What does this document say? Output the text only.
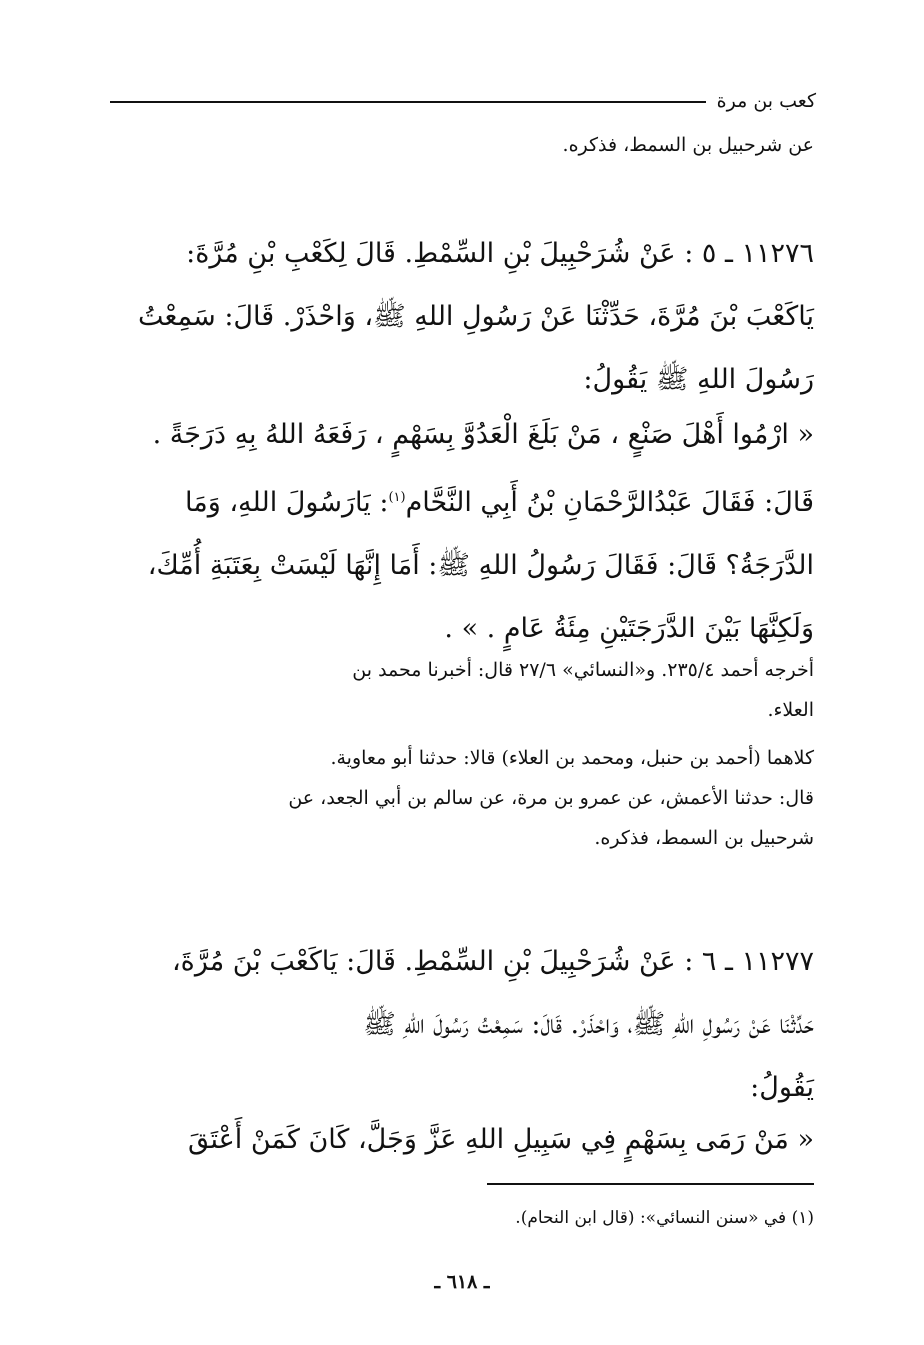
كعب بن مرة
عن شرحبيل بن السمط، فذكره.
١١٢٧٦ ـ ٥ : عَنْ شُرَحْبِيلَ بْنِ السِّمْطِ. قَالَ لِكَعْبِ بْنِ مُرَّةَ:
يَاكَعْبَ بْنَ مُرَّةَ، حَدِّثْنَا عَنْ رَسُولِ اللهِ ﷺ، وَاحْذَرْ. قَالَ: سَمِعْتُ
رَسُولَ اللهِ ﷺ يَقُولُ:
« ارْمُوا أَهْلَ صَنْعٍ ، مَنْ بَلَغَ الْعَدُوَّ بِسَهْمٍ ، رَفَعَهُ اللهُ بِهِ دَرَجَةً .
قَالَ: فَقَالَ عَبْدُالرَّحْمَانِ بْنُ أَبِي النَّحَّام$^{(١)}$: يَارَسُولَ اللهِ، وَمَا
الدَّرَجَةُ؟ قَالَ: فَقَالَ رَسُولُ اللهِ ﷺ: أَمَا إِنَّهَا لَيْسَتْ بِعَتَبَةِ أُمِّكَ،
وَلَكِنَّهَا بَيْنَ الدَّرَجَتَيْنِ مِئَةُ عَامٍ . » .
أخرجه أحمد ٢٣٥/٤. و«النسائي» ٢٧/٦ قال: أخبرنا محمد بن
العلاء.
كلاهما (أحمد بن حنبل، ومحمد بن العلاء) قالا: حدثنا أبو معاوية.
قال: حدثنا الأعمش، عن عمرو بن مرة، عن سالم بن أبي الجعد، عن
شرحبيل بن السمط، فذكره.
١١٢٧٧ ـ ٦ : عَنْ شُرَحْبِيلَ بْنِ السِّمْطِ. قَالَ: يَاكَعْبَ بْنَ مُرَّةَ،
حَدِّثْنَا عَنْ رَسُولِ اللهِ ﷺ، وَاحْذَرْ. قَالَ: سَمِعْتُ رَسُولَ اللهِ ﷺ
يَقُولُ:
« مَنْ رَمَى بِسَهْمٍ فِي سَبِيلِ اللهِ عَزَّ وَجَلَّ، كَانَ كَمَنْ أَعْتَقَ
(١) في «سنن النسائي»: (قال ابن النحام).
ـ ٦١٨ ـ
